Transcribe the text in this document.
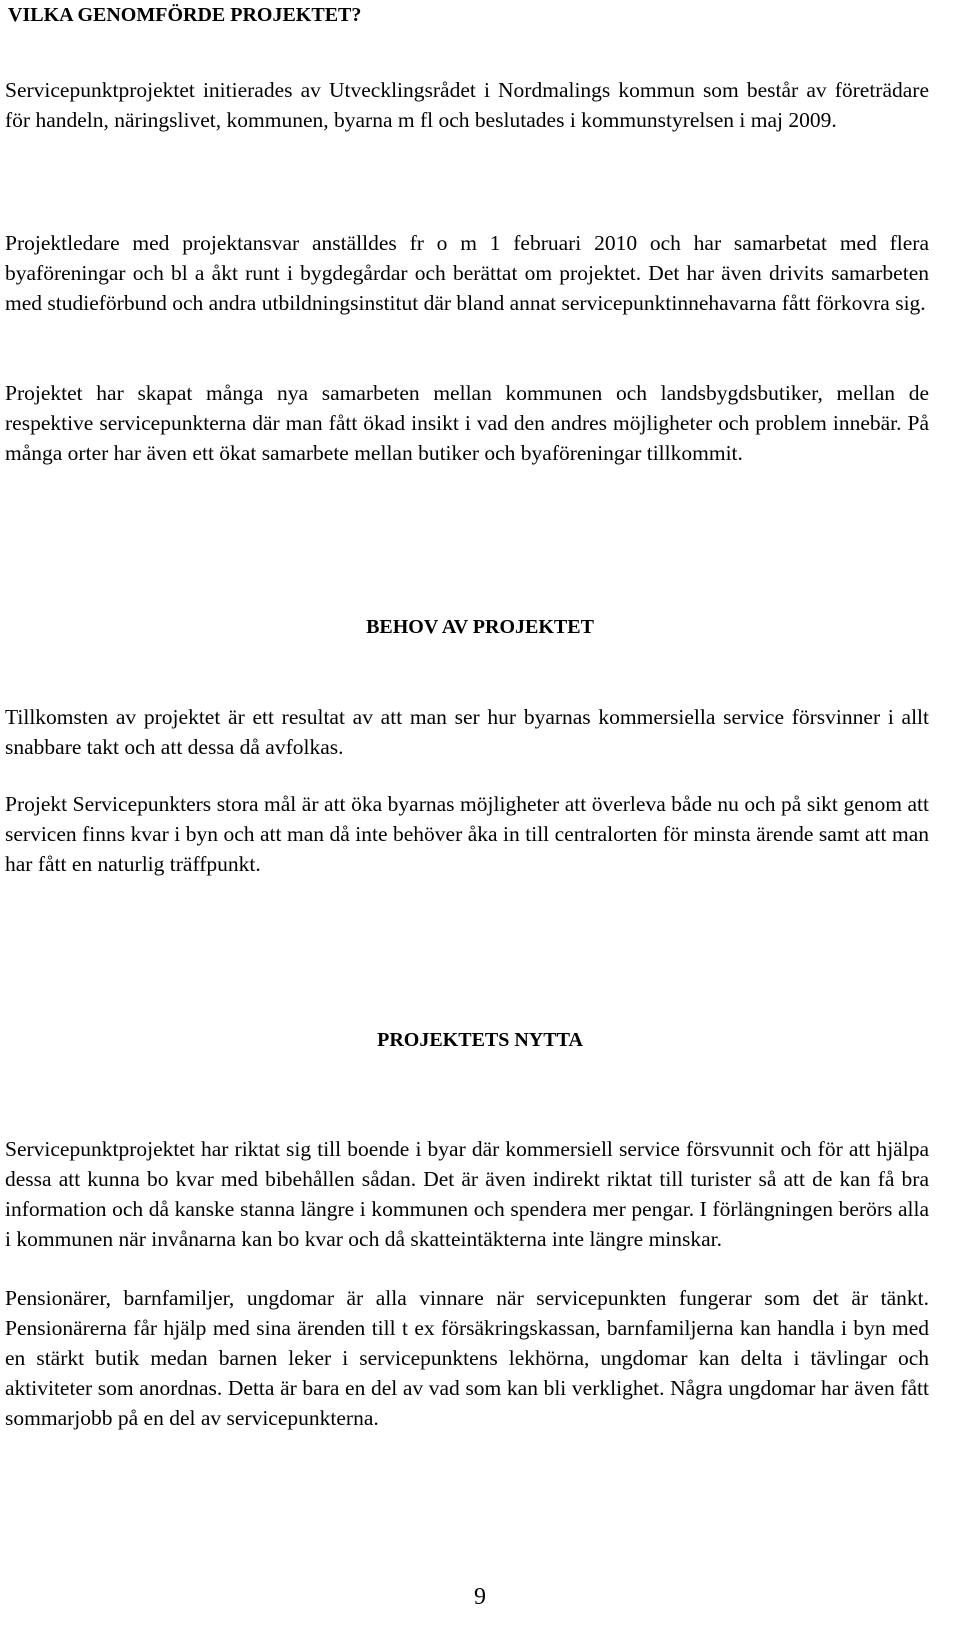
VILKA GENOMFÖRDE PROJEKTET?

Servicepunktprojektet initierades av Utvecklingsrådet i Nordmalings kommun som består av företrädare för handeln, näringslivet, kommunen, byarna m fl och beslutades i kommunstyrelsen i maj 2009.

Projektledare med projektansvar anställdes fr o m 1 februari 2010 och har samarbetat med flera byaföreningar och bl a åkt runt i bygdegårdar och berättat om projektet. Det har även drivits samarbeten med studieförbund och andra utbildningsinstitut där bland annat servicepunktinnehavarna fått förkovra sig.

Projektet har skapat många nya samarbeten mellan kommunen och landsbygdsbutiker, mellan de respektive servicepunkterna där man fått ökad insikt i vad den andres möjligheter och problem innebär. På många orter har även ett ökat samarbete mellan butiker och byaföreningar tillkommit.

BEHOV AV PROJEKTET

Tillkomsten av projektet är ett resultat av att man ser hur byarnas kommersiella service försvinner i allt snabbare takt och att dessa då avfolkas.

Projekt Servicepunkters stora mål är att öka byarnas möjligheter att överleva både nu och på sikt genom att servicen finns kvar i byn och att man då inte behöver åka in till centralorten för minsta ärende samt att man har fått en naturlig träffpunkt.

PROJEKTETS NYTTA

Servicepunktprojektet har riktat sig till boende i byar där kommersiell service försvunnit och för att hjälpa dessa att kunna bo kvar med bibehållen sådan. Det är även indirekt riktat till turister så att de kan få bra information och då kanske stanna längre i kommunen och spendera mer pengar. I förlängningen berörs alla i kommunen när invånarna kan bo kvar och då skatteintäkterna inte längre minskar.

Pensionärer, barnfamiljer, ungdomar är alla vinnare när servicepunkten fungerar som det är tänkt. Pensionärerna får hjälp med sina ärenden till t ex försäkringskassan, barnfamiljerna kan handla i byn med en stärkt butik medan barnen leker i servicepunktens lekhörna, ungdomar kan delta i tävlingar och aktiviteter som anordnas. Detta är bara en del av vad som kan bli verklighet. Några ungdomar har även fått sommarjobb på en del av servicepunkterna.

9
